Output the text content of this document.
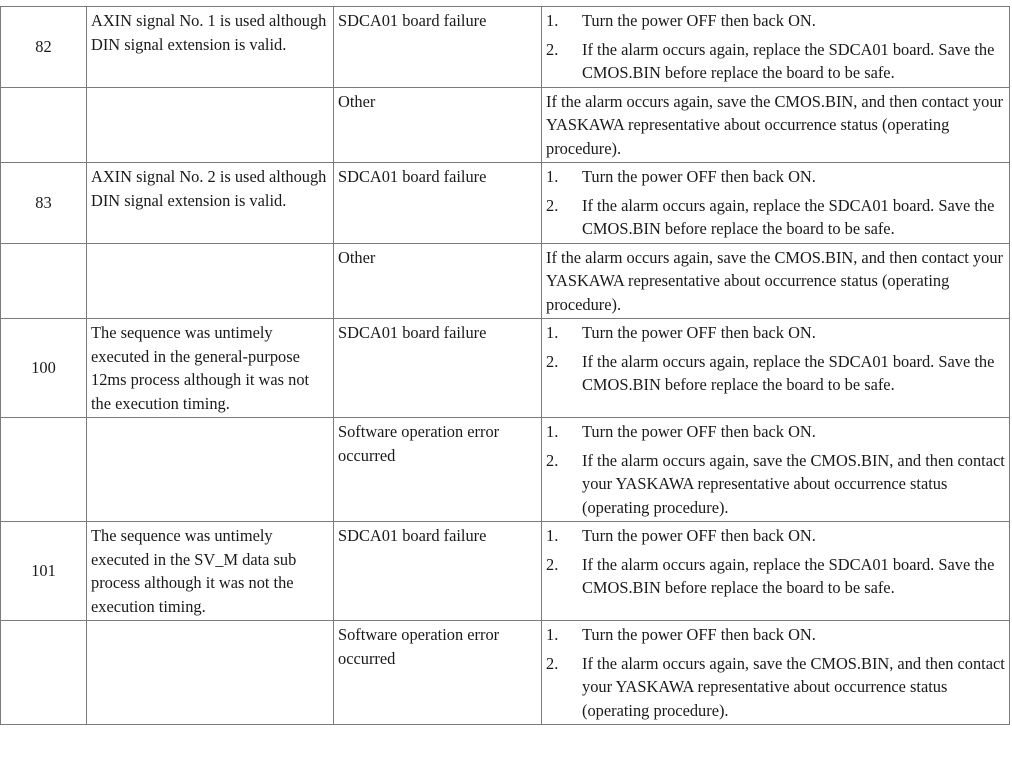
82	AXIN signal No. 1 is used although DIN signal extension is valid.	SDCA01 board failure	1. Turn the power OFF then back ON.
2. If the alarm occurs again, replace the SDCA01 board. Save the CMOS.BIN before replace the board to be safe.

		Other	If the alarm occurs again, save the CMOS.BIN, and then contact your YASKAWA representative about occurrence status (operating procedure).

83	AXIN signal No. 2 is used although DIN signal extension is valid.	SDCA01 board failure	1. Turn the power OFF then back ON.
2. If the alarm occurs again, replace the SDCA01 board. Save the CMOS.BIN before replace the board to be safe.

		Other	If the alarm occurs again, save the CMOS.BIN, and then contact your YASKAWA representative about occurrence status (operating procedure).

100	The sequence was untimely executed in the general-purpose 12ms process although it was not the execution timing.	SDCA01 board failure	1. Turn the power OFF then back ON.
2. If the alarm occurs again, replace the SDCA01 board. Save the CMOS.BIN before replace the board to be safe.

		Software operation error occurred	1. Turn the power OFF then back ON.
2. If the alarm occurs again, save the CMOS.BIN, and then contact your YASKAWA representative about occurrence status (operating procedure).

101	The sequence was untimely executed in the SV_M data sub process although it was not the execution timing.	SDCA01 board failure	1. Turn the power OFF then back ON.
2. If the alarm occurs again, replace the SDCA01 board. Save the CMOS.BIN before replace the board to be safe.

		Software operation error occurred	1. Turn the power OFF then back ON.
2. If the alarm occurs again, save the CMOS.BIN, and then contact your YASKAWA representative about occurrence status (operating procedure).
